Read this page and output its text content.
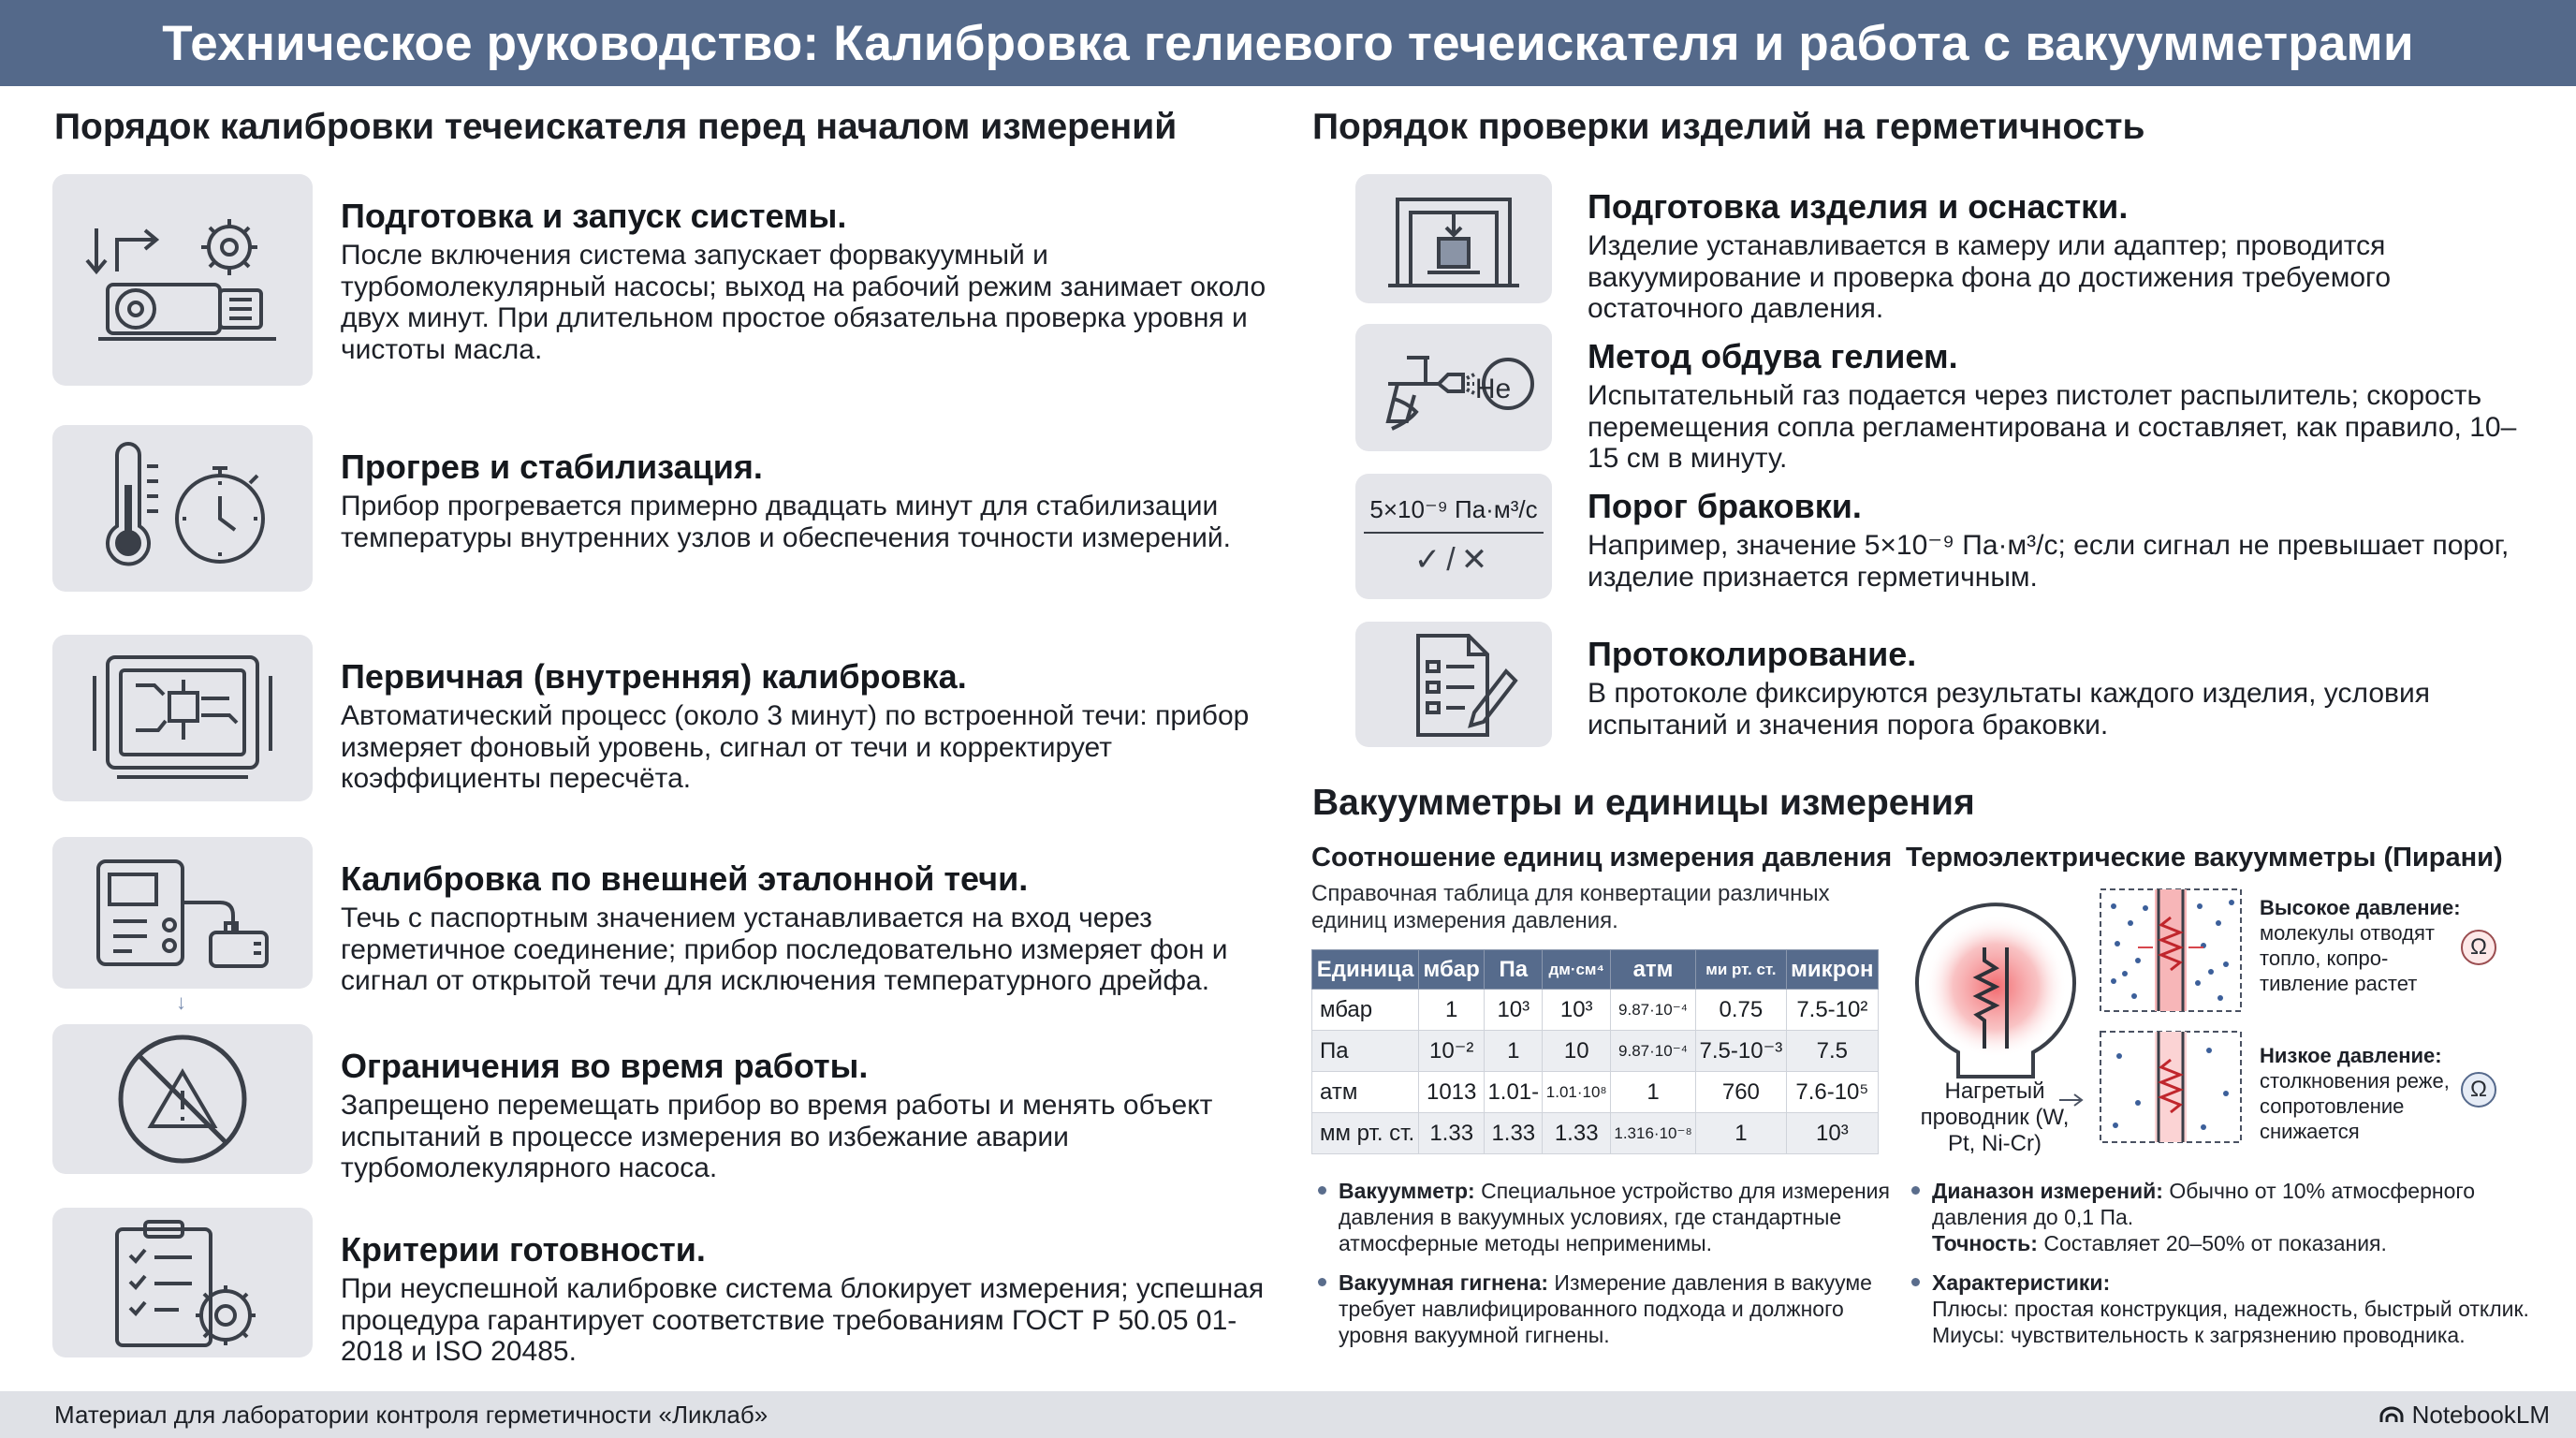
Техническое руководство: Калибровка гелиевого течеискателя и работа с вакуумметрами
Порядок калибровки течеискателя перед началом измерений
Подготовка и запуск системы.
После включения система запускает форвакуумный и турбомолекулярный насосы; выход на рабочий режим занимает около двух минут. При длительном простое обязательна проверка уровня и чистоты масла.
Прогрев и стабилизация.
Прибор прогревается примерно двадцать минут для стабилизации температуры внутренних узлов и обеспечения точности измерений.
Первичная (внутренняя) калибровка.
Автоматический процесс (около 3 минут) по встроенной течи: прибор измеряет фоновый уровень, сигнал от течи и корректирует коэффициенты пересчёта.
Калибровка по внешней эталонной течи.
Течь с паспортным значением устанавливается на вход через герметичное соединение; прибор последовательно измеряет фон и сигнал от открытой течи для исключения температурного дрейфа.
↓
Ограничения во время работы.
Запрещено перемещать прибор во время работы и менять объект испытаний в процессе измерения во избежание аварии турбомолекулярного насоса.
Критерии готовности.
При неуспешной калибровке система блокирует измерения; успешная процедура гарантирует соответствие требованиям ГОСТ Р 50.05 01-2018 и ISO 20485.
Порядок проверки изделий на герметичность
Подготовка изделия и оснастки.
Изделие устанавливается в камеру или адаптер; проводится вакуумирование и проверка фона до достижения требуемого остаточного давления.
He
Метод обдува гелием.
Испытательный газ подается через пистолет распылитель; скорость перемещения сопла регламентирована и составляет, как правило, 10–15 см в минуту.
5×10⁻⁹ Па·м³/с
✓/✕
Порог браковки.
Например, значение 5×10⁻⁹ Па·м³/с; если сигнал не превышает порог, изделие признается герметичным.
Протоколирование.
В протоколе фиксируются результаты каждого изделия, условия испытаний и значения порога браковки.
Вакуумметры и единицы измерения
Соотношение единиц измерения давления
Справочная таблица для конвертации различных единиц измерения давления.
Единица	мбар	Па	дм·см⁴	атм	ми рт. ст.	микрон
мбар	1	10³	10³	9.87·10⁻⁴	0.75	7.5-10²
Па	10⁻²	1	10	9.87·10⁻⁴	7.5-10⁻³	7.5
атм	1013	1.01-	1.01·10⁸	1	760	7.6-10⁵
мм рт. ст.	1.33	1.33	1.33	1.316·10⁻⁸	1	10³
Вакуумметр: Специальное устройство для измерения давления в вакуумных условиях, где стандартные атмосферные методы неприменимы.
Вакуумная гигнена: Измерение давления в вакууме требует навлифицированного подхода и должного уровня вакуумной гигнены.
Термоэлектрические вакуумметры (Пирани)
Ω
Ω
Нагретый проводник (W, Pt, Ni-Cr)
Высокое давление:
молекулы отводят топло, копро-тивление растет
Низкое давление:
столкновения реже, сопротовление снижается
Дианазон измерений: Обычно от 10% атмосферного давления до 0,1 Па.
Точность: Составляет 20–50% от показания.
Характеристики:
Плюсы: простая конструкция, надежность, быстрый отклик.
Миусы: чувствительность к загрязнению проводника.
Материал для лаборатории контроля герметичности «Ликлаб»	NotebookLM
